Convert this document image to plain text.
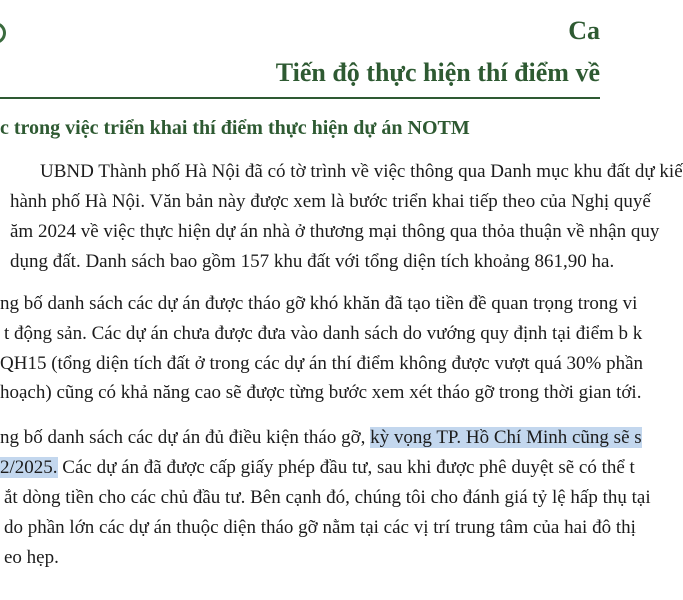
Ca
Tiến độ thực hiện thí điểm về
c trong việc triển khai thí điểm thực hiện dự án NOTM
UBND Thành phố Hà Nội đã có tờ trình về việc thông qua Danh mục khu đất dự kiế
hành phố Hà Nội. Văn bản này được xem là bước triển khai tiếp theo của Nghị quyế
ăm 2024 về việc thực hiện dự án nhà ở thương mại thông qua thỏa thuận về nhận quy
dụng đất. Danh sách bao gồm 157 khu đất với tổng diện tích khoảng 861,90 ha.
ng bố danh sách các dự án được tháo gỡ khó khăn đã tạo tiền đề quan trọng trong vi
t động sản. Các dự án chưa được đưa vào danh sách do vướng quy định tại điểm b k
QH15 (tổng diện tích đất ở trong các dự án thí điểm không được vượt quá 30% phần
hoạch) cũng có khả năng cao sẽ được từng bước xem xét tháo gỡ trong thời gian tới.
ng bố danh sách các dự án đủ điều kiện tháo gỡ, kỳ vọng TP. Hồ Chí Minh cũng sẽ s
2/2025. Các dự án đã được cấp giấy phép đầu tư, sau khi được phê duyệt sẽ có thể t
ắt dòng tiền cho các chủ đầu tư. Bên cạnh đó, chúng tôi cho đánh giá tỷ lệ hấp thụ tại
do phần lớn các dự án thuộc diện tháo gỡ nằm tại các vị trí trung tâm của hai đô thị
eo hẹp.
